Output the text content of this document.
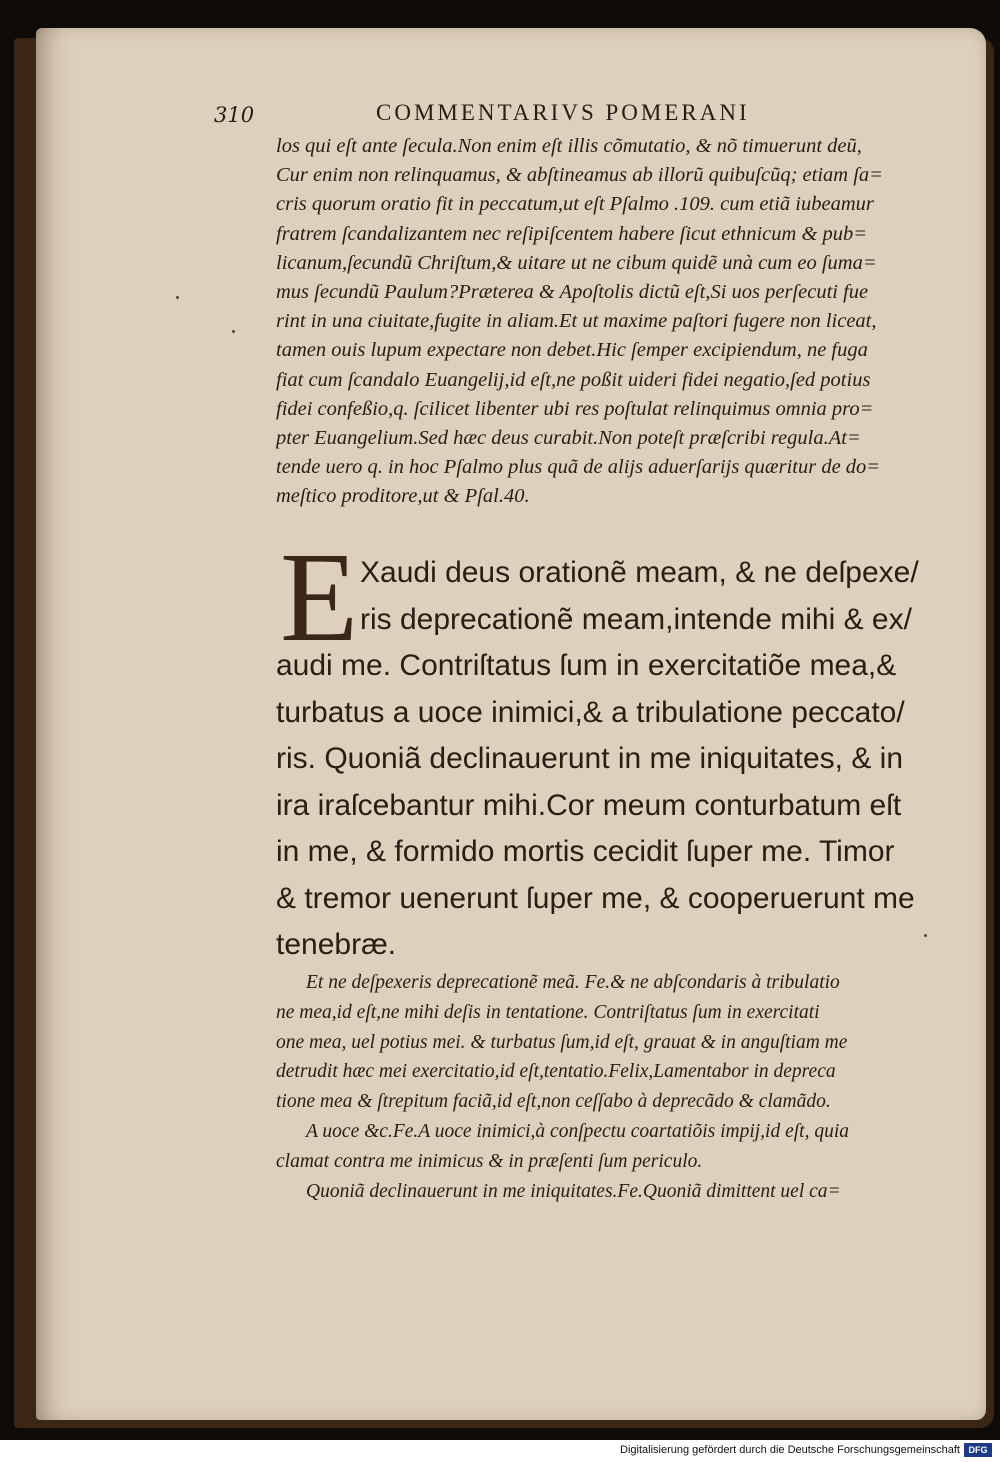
310	COMMENTARIVS POMERANI
los qui eſt ante ſecula.Non enim eſt illis cõmutatio, & nõ timuerunt deũ,
Cur enim non relinquamus, & abſtineamus ab illorũ quibuſcũq; etiam ſa=
cris quorum oratio fit in peccatum,ut eſt Pſalmo .109. cum etiã iubeamur
fratrem ſcandalizantem nec reſipiſcentem habere ſicut ethnicum & pub=
licanum,ſecundũ Chriſtum,& uitare ut ne cibum quidẽ unà cum eo ſuma=
mus ſecundũ Paulum?Præterea & Apoſtolis dictũ eſt,Si uos perſecuti fue
rint in una ciuitate,fugite in aliam.Et ut maxime paſtori fugere non liceat,
tamen ouis lupum expectare non debet.Hic ſemper excipiendum, ne fuga
fiat cum ſcandalo Euangelij,id eſt,ne poßit uideri fidei negatio,ſed potius
fidei confeßio,q. ſcilicet libenter ubi res poſtulat relinquimus omnia pro=
pter Euangelium.Sed hæc deus curabit.Non poteſt præſcribi regula.At=
tende uero q. in hoc Pſalmo plus quã de alijs aduerſarijs quæritur de do=
meſtico proditore,ut & Pſal.40.
E Xaudi deus orationẽ meam, & ne deſpexe/
ris deprecationẽ meam,intende mihi & ex/
audi me. Contriſtatus ſum in exercitatiõe mea,&
turbatus a uoce inimici,& a tribulatione peccato/
ris. Quoniã declinauerunt in me iniquitates, & in
ira iraſcebantur mihi.Cor meum conturbatum eſt
in me, & formido mortis cecidit ſuper me. Timor
& tremor uenerunt ſuper me, & cooperuerunt me
tenebræ.
Et ne deſpexeris deprecationẽ meã. Fe.& ne abſcondaris à tribulatio
ne mea,id eſt,ne mihi deſis in tentatione. Contriſtatus ſum in exercitati
one mea, uel potius mei. & turbatus ſum,id eſt, grauat & in anguſtiam me
detrudit hæc mei exercitatio,id eſt,tentatio.Felix,Lamentabor in depreca
tione mea & ſtrepitum faciã,id eſt,non ceſſabo à deprecãdo & clamãdo.
A uoce &c.Fe.A uoce inimici,à conſpectu coartatiõis impij,id eſt, quia
clamat contra me inimicus & in præſenti ſum periculo.
Quoniã declinauerunt in me iniquitates.Fe.Quoniã dimittent uel ca=
Digitalisierung gefördert durch die Deutsche Forschungsgemeinschaft DFG
